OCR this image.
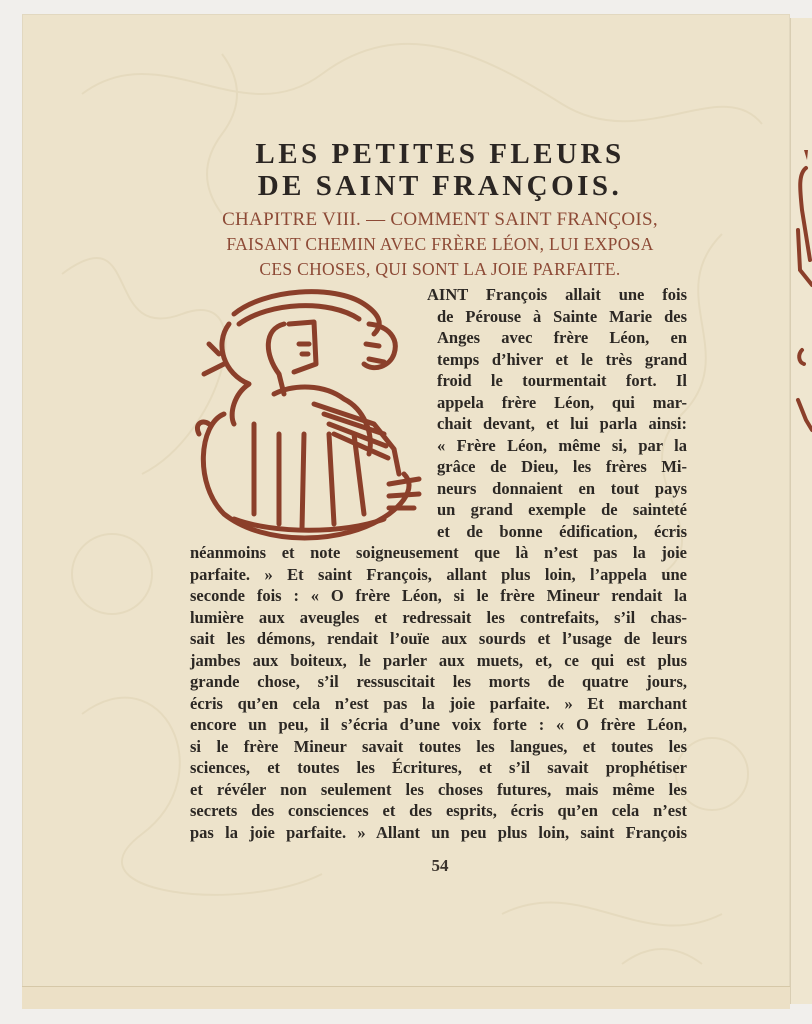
LES PETITES FLEURS
DE SAINT FRANÇOIS.
CHAPITRE VIII. — COMMENT SAINT FRANÇOIS,
FAISANT CHEMIN AVEC FRÈRE LÉON, LUI EXPOSA
CES CHOSES, QUI SONT LA JOIE PARFAITE.
AINT François allait une fois
de Pérouse à Sainte Marie des
Anges avec frère Léon, en
temps d’hiver et le très grand
froid le tourmentait fort. Il
appela frère Léon, qui mar-
chait devant, et lui parla ainsi:
« Frère Léon, même si, par la
grâce de Dieu, les frères Mi-
neurs donnaient en tout pays
un grand exemple de sainteté
et de bonne édification, écris
néanmoins et note soigneusement que là n’est pas la joie
parfaite. » Et saint François, allant plus loin, l’appela une
seconde fois : « O frère Léon, si le frère Mineur rendait la
lumière aux aveugles et redressait les contrefaits, s’il chas-
sait les démons, rendait l’ouïe aux sourds et l’usage de leurs
jambes aux boiteux, le parler aux muets, et, ce qui est plus
grande chose, s’il ressuscitait les morts de quatre jours,
écris qu’en cela n’est pas la joie parfaite. » Et marchant
encore un peu, il s’écria d’une voix forte : « O frère Léon,
si le frère Mineur savait toutes les langues, et toutes les
sciences, et toutes les Écritures, et s’il savait prophétiser
et révéler non seulement les choses futures, mais même les
secrets des consciences et des esprits, écris qu’en cela n’est
pas la joie parfaite. » Allant un peu plus loin, saint François
54
